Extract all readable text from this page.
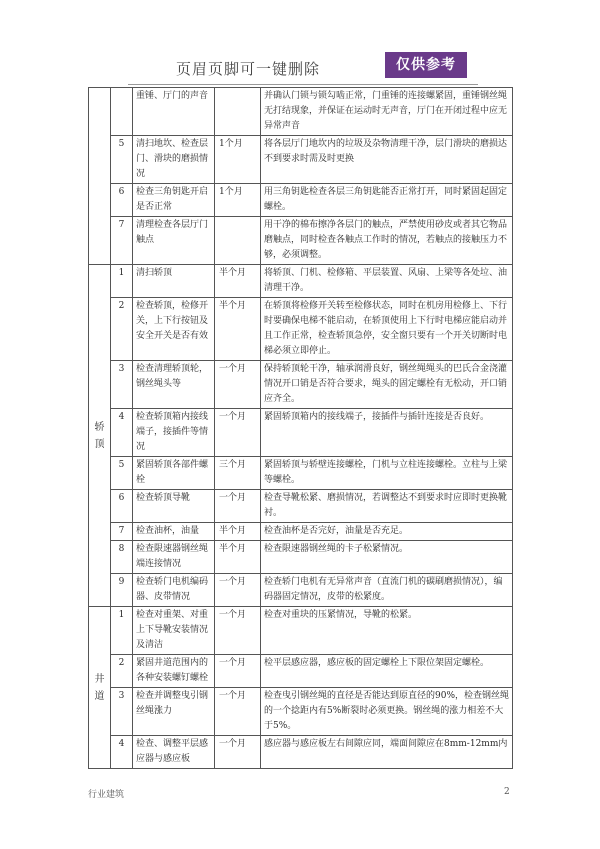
页眉页脚可一键删除	仅供参考
		重锤、厅门的声音		并确认门锁与锁勾啮正常，门重锤的连接螺紧固，重锤钢丝绳无打结现象，并保证在运动时无声音，厅门在开闭过程中应无异常声音
	5	清扫地坎、检查层门、滑块的磨损情况	1个月	将各层厅门地坎内的垃圾及杂物清理干净，层门滑块的磨损达不到要求时需及时更换
	6	检查三角钥匙开启是否正常	1个月	用三角钥匙检查各层三角钥匙能否正常打开，同时紧固起固定螺栓。
	7	清理检查各层厅门触点		用干净的棉布擦净各层门的触点，严禁使用砂皮或者其它物品磨触点，同时检查各触点工作时的情况，若触点的接触压力不够，必须调整。

轿
顶	1	清扫轿顶	半个月	将轿顶、门机、检修箱、平层装置、风扇、上梁等各处垃、油清理干净。
	2	检查轿顶，检修开关，上下行按钮及安全开关是否有效	半个月	在轿顶将检修开关转至检修状态，同时在机房用检修上、下行时要确保电梯不能启动，在轿顶使用上下行时电梯应能启动并且工作正常，检查轿顶急停，安全窗只要有一个开关切断时电梯必须立即停止。
	3	检查清理轿顶轮，钢丝绳头等	一个月	保持轿顶轮干净，轴承润滑良好，钢丝绳绳头的巴氏合金浇灌情况开口销是否符合要求，绳头的固定螺栓有无松动，开口销应齐全。
	4	检查轿顶箱内接线端子，接插件等情况	一个月	紧固轿顶箱内的接线端子，接插件与插针连接是否良好。
	5	紧固轿顶各部件螺栓	三个月	紧固轿顶与轿壁连接螺栓，门机与立柱连接螺栓。立柱与上梁等螺栓。
	6	检查轿顶导靴	一个月	检查导靴松紧、磨损情况，若调整达不到要求时应即时更换靴衬。
	7	检查油杯，油量	半个月	检查油杯是否完好，油量是否充足。
	8	检查限速器钢丝绳端连接情况	半个月	检查限速器钢丝绳的卡子松紧情况。
	9	检查轿门电机编码器、皮带情况	一个月	检查轿门电机有无异常声音（直流门机的碳刷磨损情况），编码器固定情况，皮带的松紧度。

井
道	1	检查对重架、对重上下导靴安装情况及清洁	一个月	检查对重块的压紧情况，导靴的松紧。
	2	紧固井道范围内的各种安装螺钉螺栓	一个月	检平层感应器，感应板的固定螺栓上下限位架固定螺栓。
	3	检查并调整曳引钢丝绳涨力	一个月	检查曳引钢丝绳的直径是否能达到原直径的90%，检查钢丝绳的一个捻距内有5%断裂时必须更换。钢丝绳的涨力相差不大于5%。
	4	检查、调整平层感应器与感应板	一个月	感应器与感应板左右间隙应同，端面间隙应在8mm-12mm内
行业建筑	2
